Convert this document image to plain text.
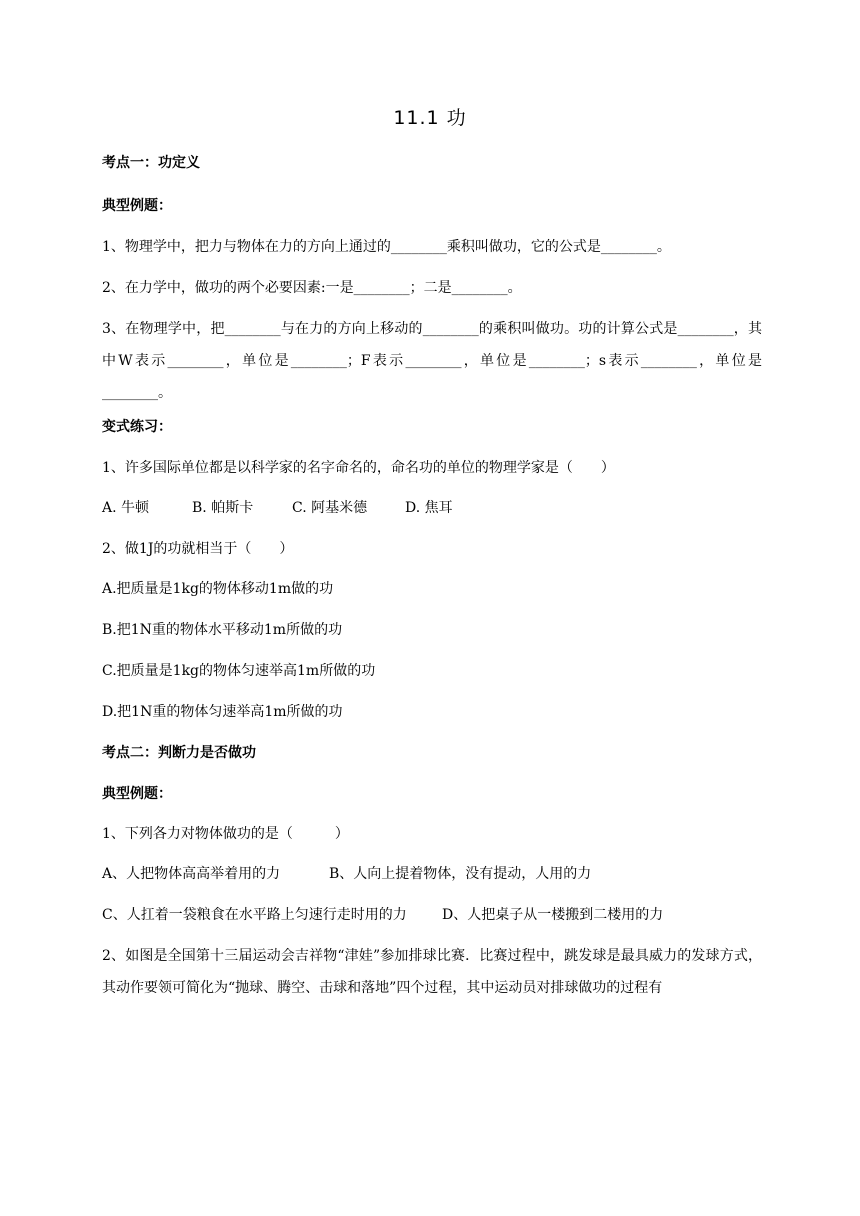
11.1 功
考点一：功定义
典型例题：
1、物理学中，把力与物体在力的方向上通过的________乘积叫做功，它的公式是________。
2、在力学中，做功的两个必要因素:一是________；二是________。
3、在物理学中，把________与在力的方向上移动的________的乘积叫做功。功的计算公式是________，其中W表示________，单位是________；F表示________，单位是________；s表示________，单位是________。
变式练习：
1、许多国际单位都是以科学家的名字命名的，命名功的单位的物理学家是（　　）
A. 牛顿	B. 帕斯卡	C. 阿基米德	D. 焦耳
2、做1J的功就相当于（　　）
A.把质量是1kg的物体移动1m做的功
B.把1N重的物体水平移动1m所做的功
C.把质量是1kg的物体匀速举高1m所做的功
D.把1N重的物体匀速举高1m所做的功
考点二：判断力是否做功
典型例题：
1、下列各力对物体做功的是（　　　）
A、人把物体高高举着用的力	B、人向上提着物体，没有提动，人用的力
C、人扛着一袋粮食在水平路上匀速行走时用的力	D、人把桌子从一楼搬到二楼用的力
2、如图是全国第十三届运动会吉祥物“津娃”参加排球比赛．比赛过程中，跳发球是最具威力的发球方式，其动作要领可简化为“抛球、腾空、击球和落地”四个过程，其中运动员对排球做功的过程有
